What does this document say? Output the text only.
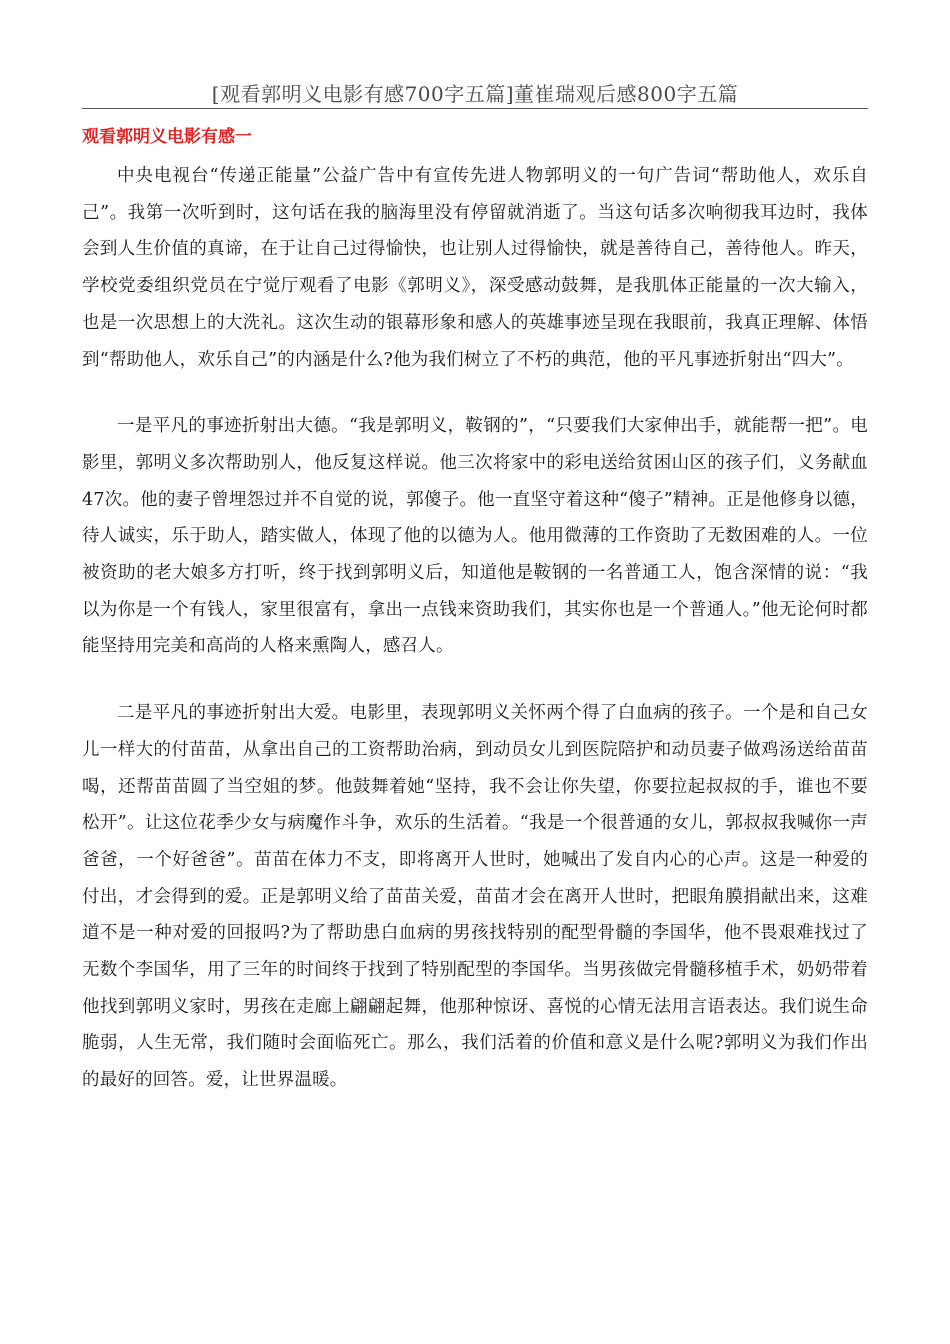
[观看郭明义电影有感700字五篇]董崔瑞观后感800字五篇
观看郭明义电影有感一

中央电视台“传递正能量”公益广告中有宣传先进人物郭明义的一句广告词“帮助他人，欢乐自己”。我第一次听到时，这句话在我的脑海里没有停留就消逝了。当这句话多次响彻我耳边时，我体会到人生价值的真谛，在于让自己过得愉快，也让别人过得愉快，就是善待自己，善待他人。昨天，学校党委组织党员在宁觉厅观看了电影《郭明义》，深受感动鼓舞，是我肌体正能量的一次大输入，也是一次思想上的大洗礼。这次生动的银幕形象和感人的英雄事迹呈现在我眼前，我真正理解、体悟到“帮助他人，欢乐自己”的内涵是什么?他为我们树立了不朽的典范，他的平凡事迹折射出“四大”。

一是平凡的事迹折射出大德。“我是郭明义，鞍钢的”，“只要我们大家伸出手，就能帮一把”。电影里，郭明义多次帮助别人，他反复这样说。他三次将家中的彩电送给贫困山区的孩子们，义务献血47次。他的妻子曾埋怨过并不自觉的说，郭傻子。他一直坚守着这种“傻子”精神。正是他修身以德，待人诚实，乐于助人，踏实做人，体现了他的以德为人。他用微薄的工作资助了无数困难的人。一位被资助的老大娘多方打听，终于找到郭明义后，知道他是鞍钢的一名普通工人，饱含深情的说：“我以为你是一个有钱人，家里很富有，拿出一点钱来资助我们，其实你也是一个普通人。”他无论何时都能坚持用完美和高尚的人格来熏陶人，感召人。

二是平凡的事迹折射出大爱。电影里，表现郭明义关怀两个得了白血病的孩子。一个是和自己女儿一样大的付苗苗，从拿出自己的工资帮助治病，到动员女儿到医院陪护和动员妻子做鸡汤送给苗苗喝，还帮苗苗圆了当空姐的梦。他鼓舞着她“坚持，我不会让你失望，你要拉起叔叔的手，谁也不要松开”。让这位花季少女与病魔作斗争，欢乐的生活着。“我是一个很普通的女儿，郭叔叔我喊你一声爸爸，一个好爸爸”。苗苗在体力不支，即将离开人世时，她喊出了发自内心的心声。这是一种爱的付出，才会得到的爱。正是郭明义给了苗苗关爱，苗苗才会在离开人世时，把眼角膜捐献出来，这难道不是一种对爱的回报吗?为了帮助患白血病的男孩找特别的配型骨髓的李国华，他不畏艰难找过了无数个李国华，用了三年的时间终于找到了特别配型的李国华。当男孩做完骨髓移植手术，奶奶带着他找到郭明义家时，男孩在走廊上翩翩起舞，他那种惊讶、喜悦的心情无法用言语表达。我们说生命脆弱，人生无常，我们随时会面临死亡。那么，我们活着的价值和意义是什么呢?郭明义为我们作出的最好的回答。爱，让世界温暖。
